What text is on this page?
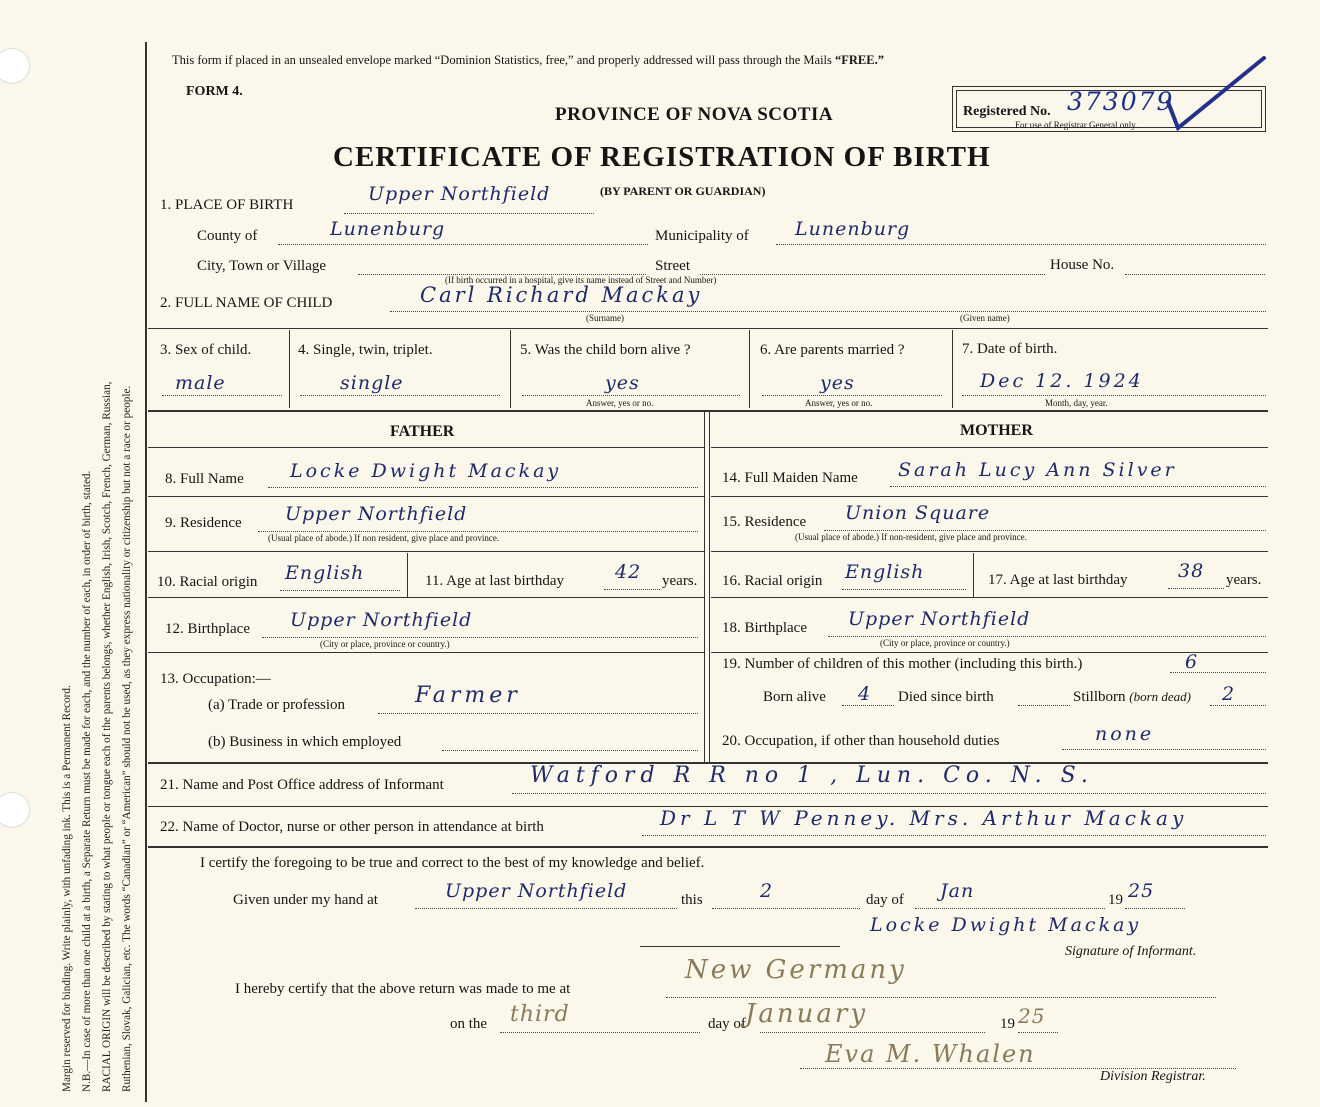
Margin reserved for binding. Write plainly, with unfading ink. This is a Permanent Record. N.B.—In case of more than one child at a birth, a Separate Return must be made for each, and the number of each, in order of birth, stated. RACIAL ORIGIN will be described by stating to what people or tongue each of the parents belongs, whether English, Irish, Scotch, French, German, Russian, Ruthenian, Slovak, Galician, etc. The words “Canadian” or “American” should not be used, as they express nationality or citizenship but not a race or people.
This form if placed in an unsealed envelope marked “Dominion Statistics, free,” and properly addressed will pass through the Mails “FREE.”
FORM 4.
PROVINCE OF NOVA SCOTIA	Registered No. 373079
For use of Registrar General only.
CERTIFICATE OF REGISTRATION OF BIRTH
1. PLACE OF BIRTH	Upper Northfield	(BY PARENT OR GUARDIAN)
County of	Lunenburg	Municipality of Lunenburg
City, Town or Village	Street	House No.
(If birth occurred in a hospital, give its name instead of Street and Number)
2. FULL NAME OF CHILD	Carl Richard Mackay
(Surname)	(Given name)
3. Sex of child.
male
4. Single, twin, triplet.
single
5. Was the child born alive ?
yes
Answer, yes or no.
6. Are parents married ?
yes
Answer, yes or no.
7. Date of birth.
Dec 12. 1924
Month, day, year.
FATHER	MOTHER
8. Full Name Locke Dwight Mackay	14. Full Maiden Name Sarah Lucy Ann Silver
9. Residence Upper Northfield
(Usual place of abode.) If non resident, give place and province.
15. Residence Union Square
(Usual place of abode.) If non-resident, give place and province.
10. Racial origin English	11. Age at last birthday	42 years. 16. Racial origin English	17. Age at last birthday	38 years.
12. Birthplace Upper Northfield
(City or place, province or country.)
18. Birthplace Upper Northfield
(City or place, province or country.)
13. Occupation:—
(a) Trade or profession	Farmer
(b) Business in which employed
19. Number of children of this mother (including this birth.)	6
Born alive 4 Died since birth	Stillborn (born dead) 2
20. Occupation, if other than household duties	none
21. Name and Post Office address of Informant	Watford R R no 1 , Lun. Co. N. S.
22. Name of Doctor, nurse or other person in attendance at birth	Dr L T W Penney. Mrs. Arthur Mackay
I certify the foregoing to be true and correct to the best of my knowledge and belief.
Given under my hand at	Upper Northfield	this	2	day of Jan	19 25
Locke Dwight Mackay
Signature of Informant.
I hereby certify that the above return was made to me at
New Germany
on the third	day of January	19 25
Eva M. Whalen
Division Registrar.
